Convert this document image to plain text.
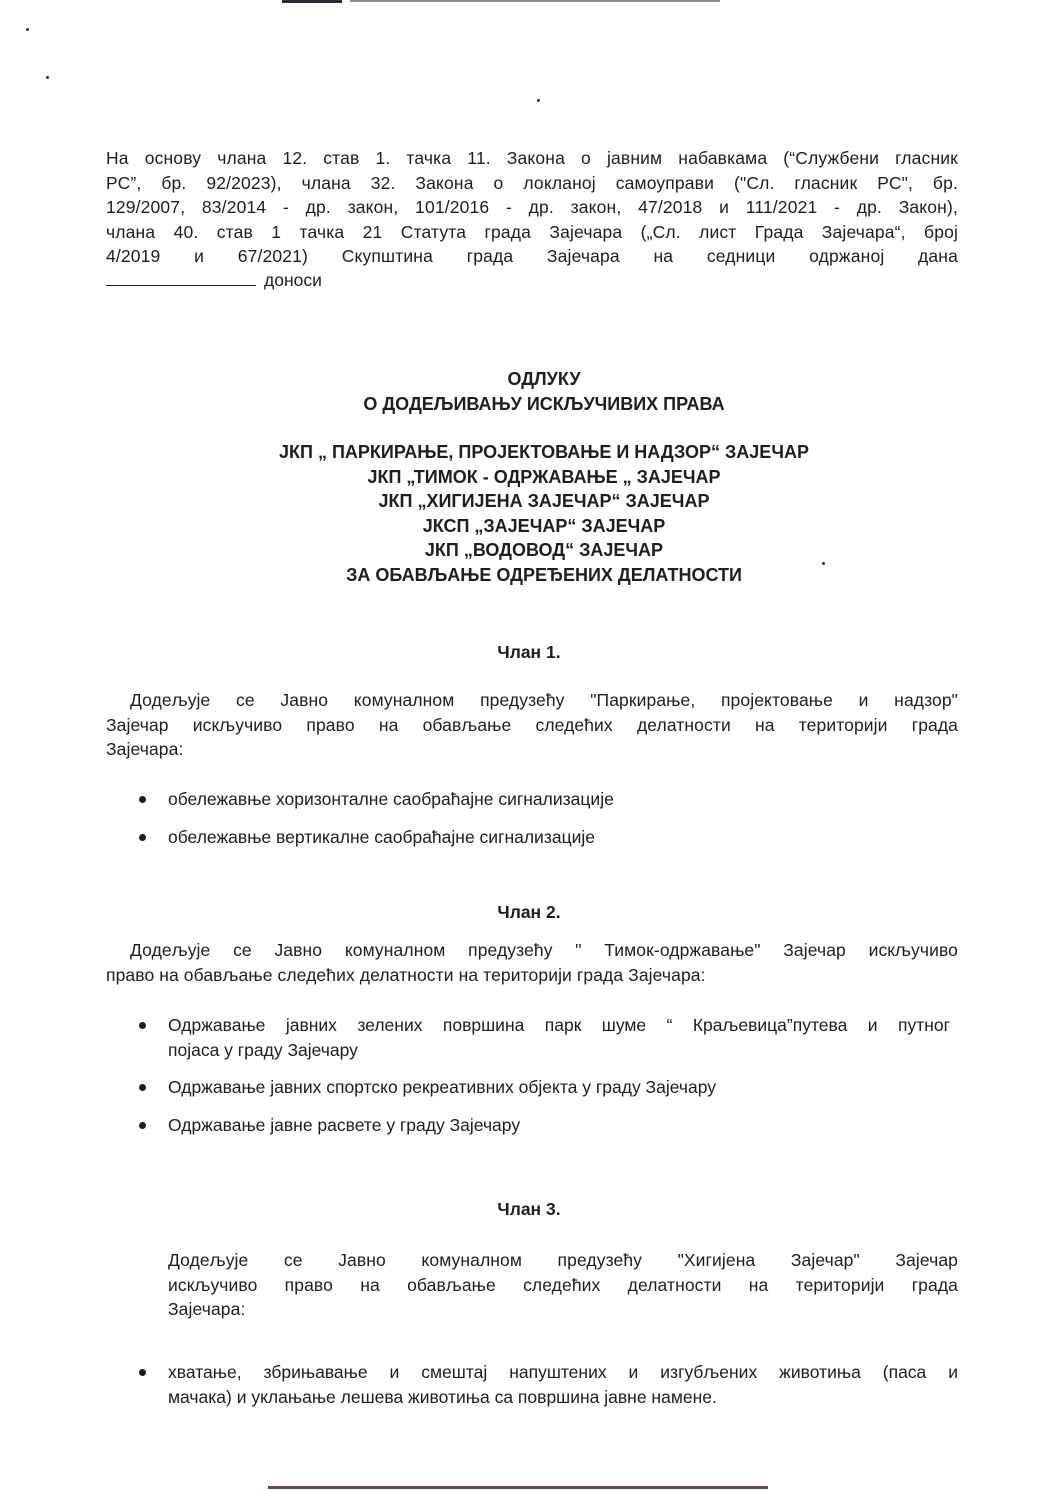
На основу члана 12. став 1. тачка 11. Закона о јавним набавкама (“Службени гласник
РС”, бр. 92/2023), члана 32. Закона о локланој самоуправи ("Сл. гласник РС", бр.
129/2007, 83/2014 - др. закон, 101/2016 - др. закон, 47/2018 и 111/2021 - др. Закон),
члана 40. став 1 тачка 21 Статута града Зајечара („Сл. лист Града Зајечара“, број
4/2019 и 67/2021) Скупштина града Зајечара на седници одржаној дана
доноси
ОДЛУКУ
О ДОДЕЉИВАЊУ ИСКЉУЧИВИХ ПРАВА
ЈКП „ ПАРКИРАЊЕ, ПРОЈЕКТОВАЊЕ И НАДЗОР“ ЗАЈЕЧАР
ЈКП „ТИМОК - ОДРЖАВАЊЕ „ ЗАЈЕЧАР
ЈКП „ХИГИЈЕНА ЗАЈЕЧАР“ ЗАЈЕЧАР
ЈКСП „ЗАЈЕЧАР“ ЗАЈЕЧАР
ЈКП „ВОДОВОД“ ЗАЈЕЧАР
ЗА ОБАВЉАЊЕ ОДРЕЂЕНИХ ДЕЛАТНОСТИ
Члан 1.
Додељује се Јавно комуналном предузећу "Паркирање, пројектовање и надзор"
Зајечар искључиво право на обављање следећих делатности на територији града
Зајечара:
обележавње хоризонталне саобраћајне сигнализације
обележавње вертикалне саобраћајне сигнализације
Члан 2.
Додељује се Јавно комуналном предузећу " Тимок-одржавање" Зајечар искључиво
право на обављање следећих делатности на територији града Зајечара:
Одржавање јавних зелених површина парк шуме “ Краљевица”путева и путног
појаса у граду Зајечару
Одржавање јавних спортско рекреативних објекта у граду Зајечару
Одржавање јавне расвете у граду Зајечару
Члан 3.
Додељује се Јавно комуналном предузећу "Хигијена Зајечар" Зајечар
искључиво право на обављање следећих делатности на територији града
Зајечара:
хватање, збрињавање и смештај напуштених и изгубљених животиња (паса и
мачака) и уклањање лешева животиња са површина јавне намене.
